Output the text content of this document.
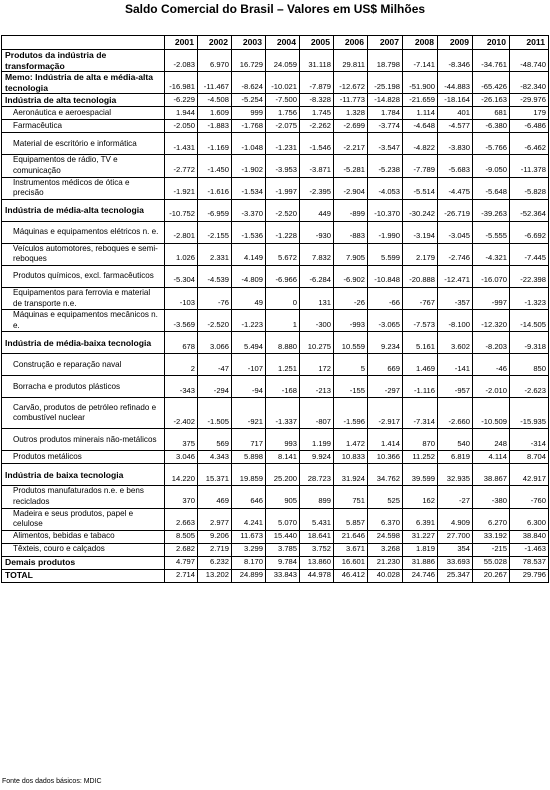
Saldo Comercial do Brasil – Valores em US$ Milhões
	2001	2002	2003	2004	2005	2006	2007	2008	2009	2010	2011
Produtos da indústria de transformação	-2.083	6.970	16.729	24.059	31.118	29.811	18.798	-7.141	-8.346	-34.761	-48.740
Memo: Indústria de alta e média-alta tecnologia	-16.981	-11.467	-8.624	-10.021	-7.879	-12.672	-25.198	-51.900	-44.883	-65.426	-82.340
Indústria de alta tecnologia	-6.229	-4.508	-5.254	-7.500	-8.328	-11.773	-14.828	-21.659	-18.164	-26.163	-29.976
Aeronáutica e aeroespacial	1.944	1.609	999	1.756	1.745	1.328	1.784	1.114	401	681	179
Farmacêutica	-2.050	-1.883	-1.768	-2.075	-2.262	-2.699	-3.774	-4.648	-4.577	-6.380	-6.486
Material de escritório e informática	-1.431	-1.169	-1.048	-1.231	-1.546	-2.217	-3.547	-4.822	-3.830	-5.766	-6.462
Equipamentos de rádio, TV e comunicação	-2.772	-1.450	-1.902	-3.953	-3.871	-5.281	-5.238	-7.789	-5.683	-9.050	-11.378
Instrumentos médicos de ótica e precisão	-1.921	-1.616	-1.534	-1.997	-2.395	-2.904	-4.053	-5.514	-4.475	-5.648	-5.828
Indústria de média-alta tecnologia	-10.752	-6.959	-3.370	-2.520	449	-899	-10.370	-30.242	-26.719	-39.263	-52.364
Máquinas e equipamentos elétricos n. e.	-2.801	-2.155	-1.536	-1.228	-930	-883	-1.990	-3.194	-3.045	-5.555	-6.692
Veículos automotores, reboques e semi-reboques	1.026	2.331	4.149	5.672	7.832	7.905	5.599	2.179	-2.746	-4.321	-7.445
Produtos químicos, excl. farmacêuticos	-5.304	-4.539	-4.809	-6.966	-6.284	-6.902	-10.848	-20.888	-12.471	-16.070	-22.398
Equipamentos para ferrovia e material de transporte n.e.	-103	-76	49	0	131	-26	-66	-767	-357	-997	-1.323
Máquinas e equipamentos mecânicos n. e.	-3.569	-2.520	-1.223	1	-300	-993	-3.065	-7.573	-8.100	-12.320	-14.505
Indústria de média-baixa tecnologia	678	3.066	5.494	8.880	10.275	10.559	9.234	5.161	3.602	-8.203	-9.318
Construção e reparação naval	2	-47	-107	1.251	172	5	669	1.469	-141	-46	850
Borracha e produtos plásticos	-343	-294	-94	-168	-213	-155	-297	-1.116	-957	-2.010	-2.623
Carvão, produtos de petróleo refinado e combustível nuclear	-2.402	-1.505	-921	-1.337	-807	-1.596	-2.917	-7.314	-2.660	-10.509	-15.935
Outros produtos minerais não-metálicos	375	569	717	993	1.199	1.472	1.414	870	540	248	-314
Produtos metálicos	3.046	4.343	5.898	8.141	9.924	10.833	10.366	11.252	6.819	4.114	8.704
Indústria de baixa tecnologia	14.220	15.371	19.859	25.200	28.723	31.924	34.762	39.599	32.935	38.867	42.917
Produtos manufaturados n.e. e bens reciclados	370	469	646	905	899	751	525	162	-27	-380	-760
Madeira e seus produtos, papel e celulose	2.663	2.977	4.241	5.070	5.431	5.857	6.370	6.391	4.909	6.270	6.300
Alimentos, bebidas e tabaco	8.505	9.206	11.673	15.440	18.641	21.646	24.598	31.227	27.700	33.192	38.840
Têxteis, couro e calçados	2.682	2.719	3.299	3.785	3.752	3.671	3.268	1.819	354	-215	-1.463
Demais produtos	4.797	6.232	8.170	9.784	13.860	16.601	21.230	31.886	33.693	55.028	78.537
TOTAL	2.714	13.202	24.899	33.843	44.978	46.412	40.028	24.746	25.347	20.267	29.796
Fonte dos dados básicos: MDIC
